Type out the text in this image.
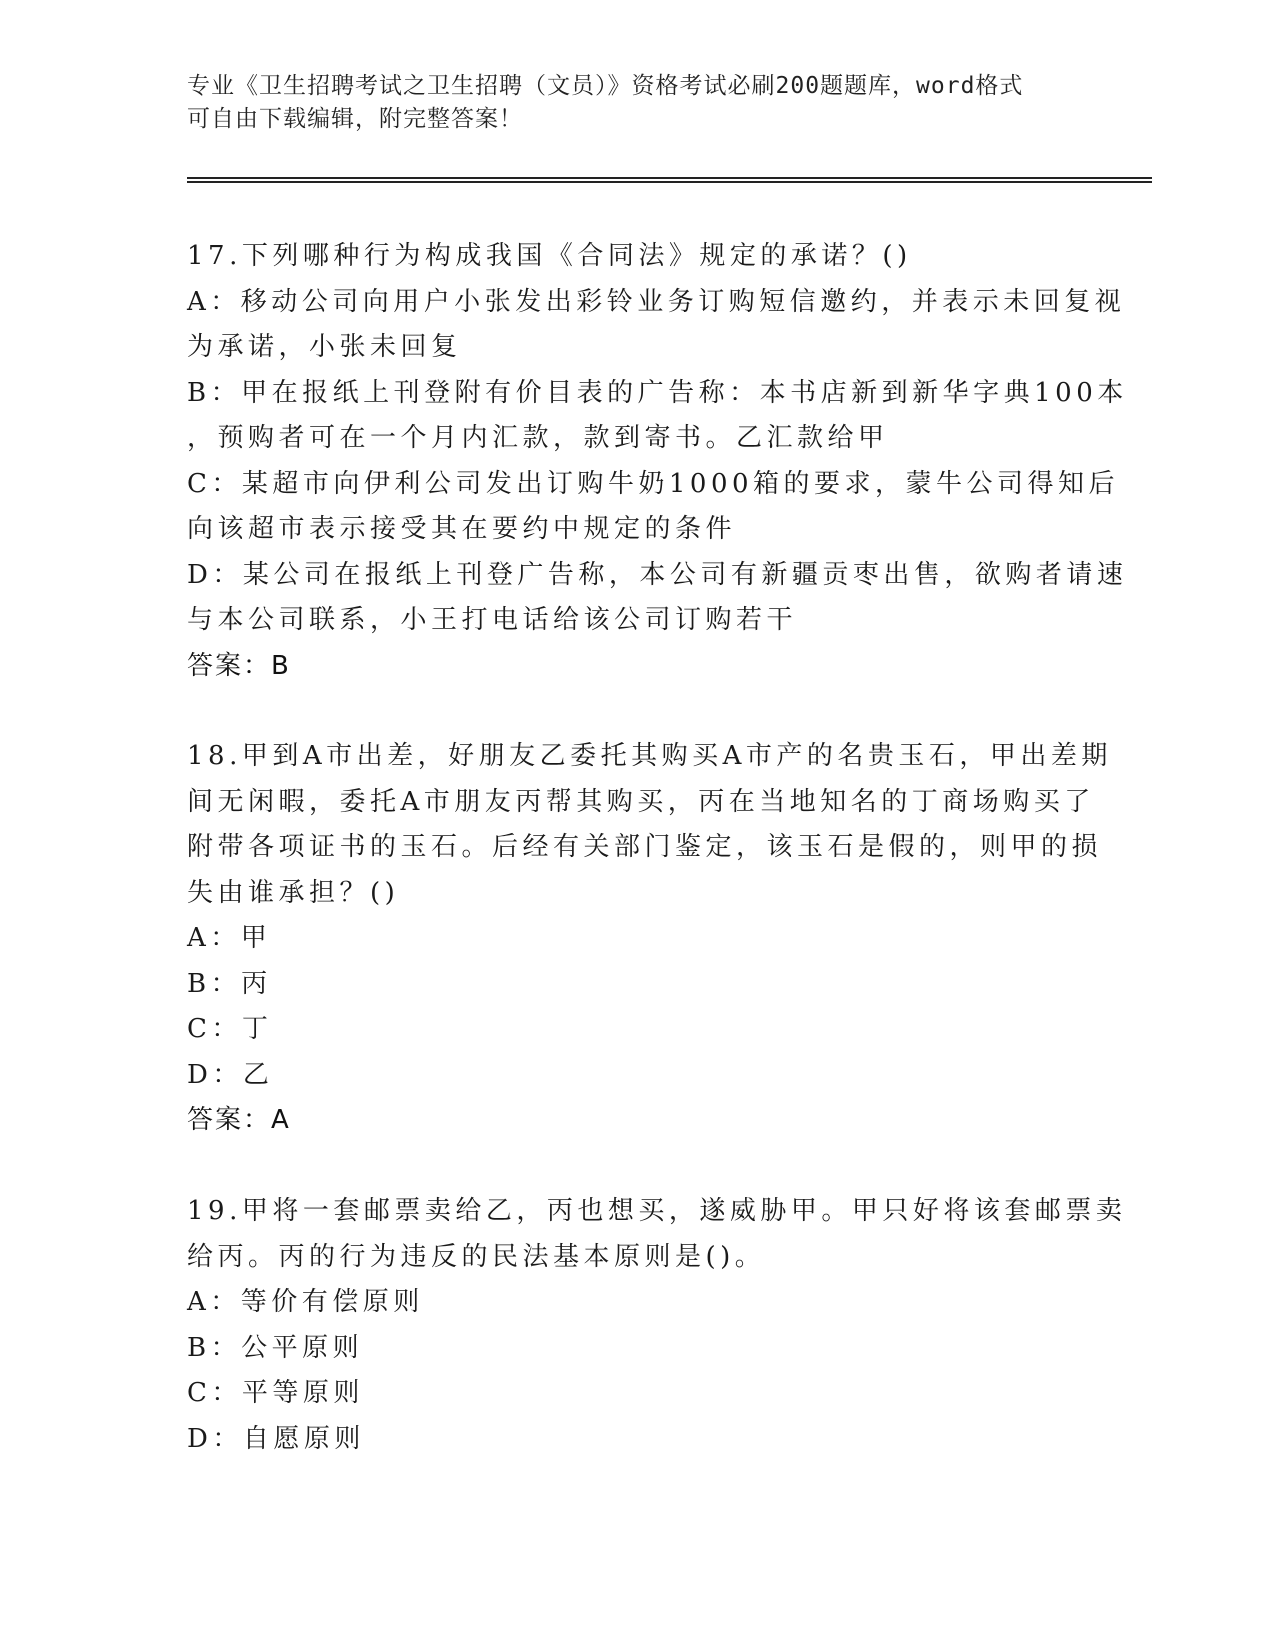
专业《卫生招聘考试之卫生招聘（文员）》资格考试必刷200题题库，word格式
可自由下载编辑，附完整答案！
17.下列哪种行为构成我国《合同法》规定的承诺？()
A：移动公司向用户小张发出彩铃业务订购短信邀约，并表示未回复视
为承诺，小张未回复
B：甲在报纸上刊登附有价目表的广告称：本书店新到新华字典100本
，预购者可在一个月内汇款，款到寄书。乙汇款给甲
C：某超市向伊利公司发出订购牛奶1000箱的要求，蒙牛公司得知后
向该超市表示接受其在要约中规定的条件
D：某公司在报纸上刊登广告称，本公司有新疆贡枣出售，欲购者请速
与本公司联系，小王打电话给该公司订购若干
答案：B
18.甲到A市出差，好朋友乙委托其购买A市产的名贵玉石，甲出差期
间无闲暇，委托A市朋友丙帮其购买，丙在当地知名的丁商场购买了
附带各项证书的玉石。后经有关部门鉴定，该玉石是假的，则甲的损
失由谁承担？()
A：甲
B：丙
C：丁
D：乙
答案：A
19.甲将一套邮票卖给乙，丙也想买，遂威胁甲。甲只好将该套邮票卖
给丙。丙的行为违反的民法基本原则是()。
A：等价有偿原则
B：公平原则
C：平等原则
D：自愿原则
